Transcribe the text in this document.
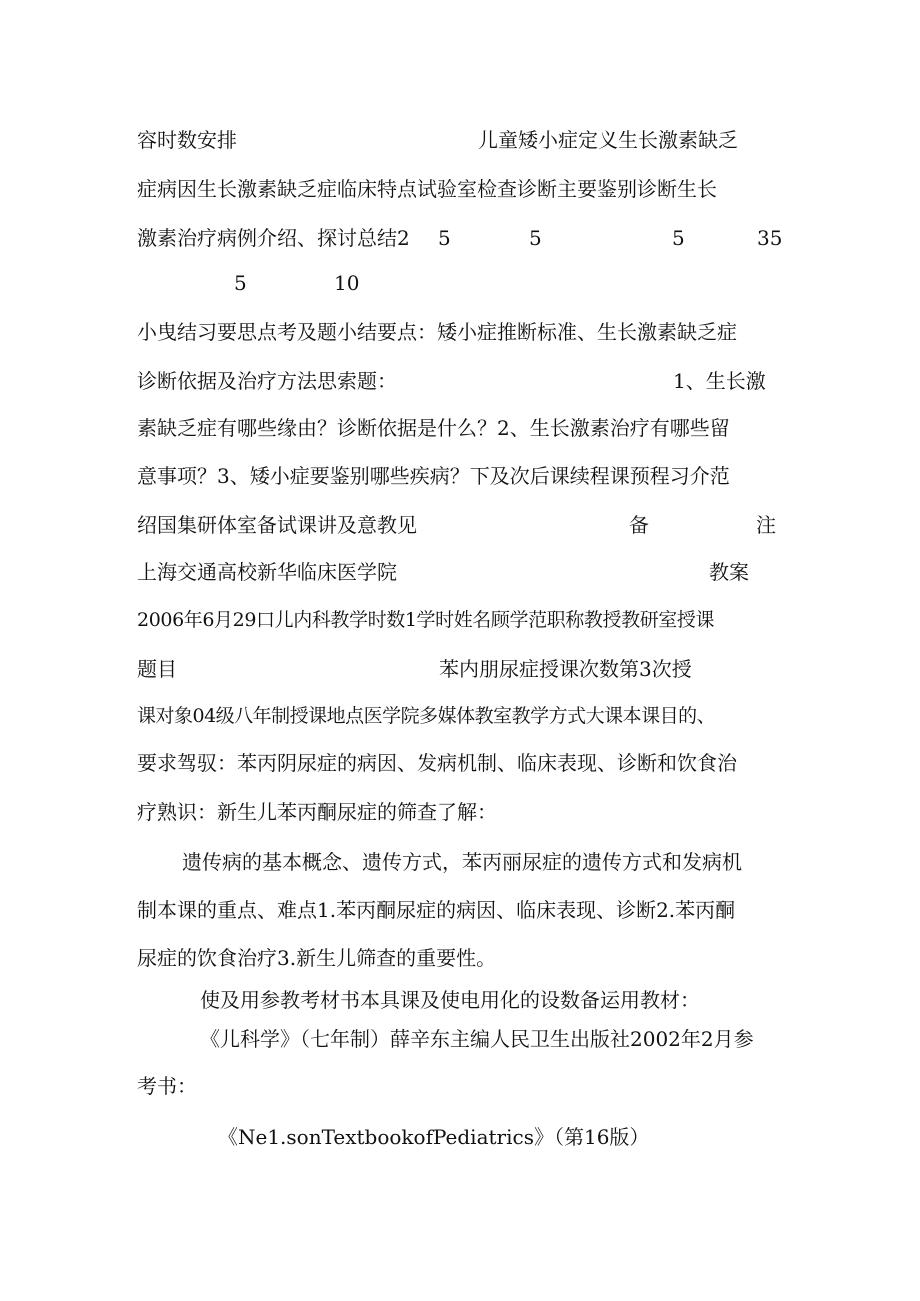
容时数安排	儿童矮小症定义生长激素缺乏
症病因生长激素缺乏症临床特点试验室检查诊断主要鉴别诊断生长
激素治疗病例介绍、探讨总结2 5	5	5	35
5	10
小曳结习要思点考及题小结要点：矮小症推断标准、生长激素缺乏症
诊断依据及治疗方法思索题：	1、生长激
素缺乏症有哪些缘由？诊断依据是什么？2、生长激素治疗有哪些留
意事项？3、矮小症要鉴别哪些疾病？下及次后课续程课预程习介范
绍国集研体室备试课讲及意教见	备	注
上海交通高校新华临床医学院	教案
2006年6月29口儿内科教学时数1学时姓名顾学范职称教授教研室授课
题目	苯内朋尿症授课次数第3次授
课对象04级八年制授课地点医学院多媒体教室教学方式大课本课目的、
要求驾驭：苯丙阴尿症的病因、发病机制、临床表现、诊断和饮食治
疗熟识：新生儿苯丙酮尿症的筛查了解：
遗传病的基本概念、遗传方式，苯丙丽尿症的遗传方式和发病机
制本课的重点、难点1.苯丙酮尿症的病因、临床表现、诊断2.苯丙酮
尿症的饮食治疗3.新生儿筛查的重要性。
使及用参教考材书本具课及使电用化的设数备运用教材：
《儿科学》（七年制）薛辛东主编人民卫生出版社2002年2月参
考书：
《Ne1.sonTextbookofPediatrics》（第16版）
